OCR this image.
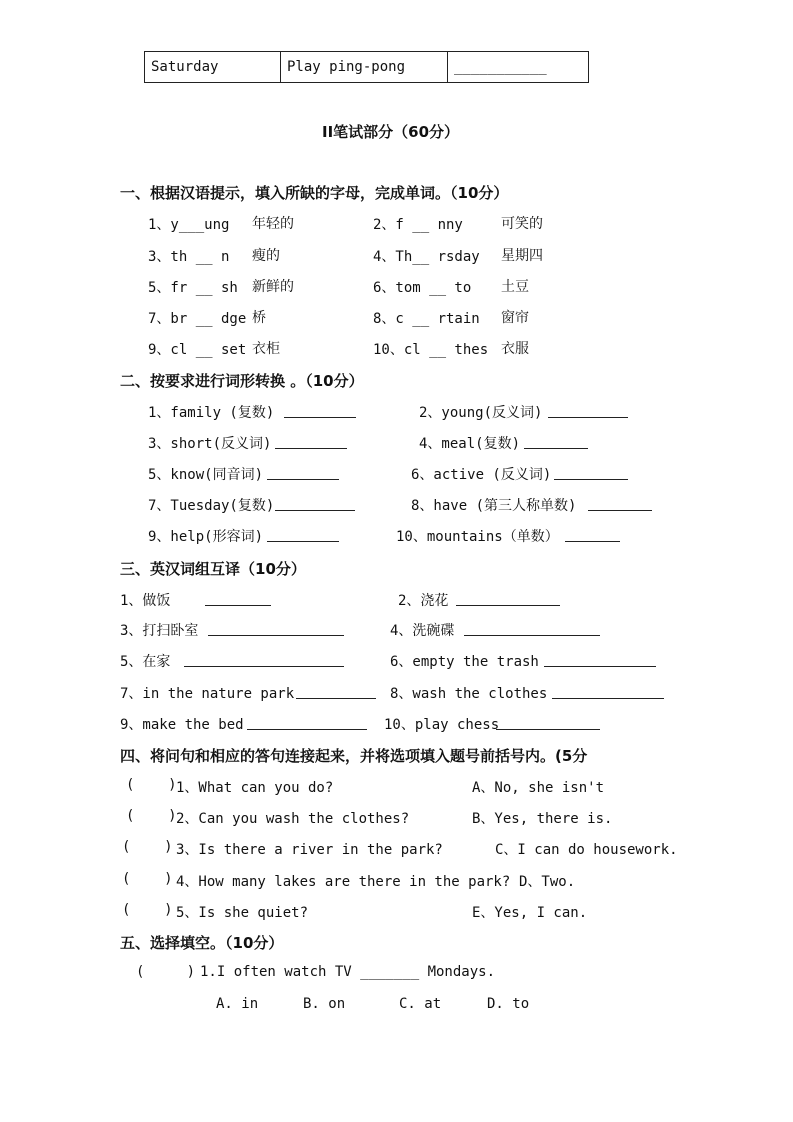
Saturday	Play ping-pong	___________
II笔试部分（60分）
一、根据汉语提示，填入所缺的字母，完成单词。（10分）
1、y___ung 年轻的	2、f __ nny	可笑的
3、th __ n 瘦的	4、Th__ rsday 星期四
5、fr __ sh 新鲜的	6、tom __ to 土豆
7、br __ dge 桥	8、c __ rtain 窗帘
9、cl __ set 衣柜	10、cl __ thes 衣服
二、按要求进行词形转换 。（10分）
1、family (复数)	2、young(反义词)
3、short(反义词)	4、meal(复数)
5、know(同音词)	6、active (反义词)
7、Tuesday(复数)	8、have (第三人称单数)
9、help(形容词)	10、mountains（单数）
三、英汉词组互译（10分）
1、做饭	2、浇花
3、打扫卧室	4、洗碗碟
5、在家	6、empty the trash
7、in the nature park	8、wash the clothes
9、make the bed	10、play chess
四、将问句和相应的答句连接起来，并将选项填入题号前括号内。(5分
(    ) 1、What can you do?	A、No, she isn't
(    ) 2、Can you wash the clothes?	B、Yes, there is.
(    ) 3、Is there a river in the park?	C、I can do housework.
(    ) 4、How many lakes are there in the park? D、Two.
(    ) 5、Is she quiet?	E、Yes, I can.
五、选择填空。（10分）
(     ) 1.I often watch TV _______ Mondays.
A. in	B. on	C. at	D. to
